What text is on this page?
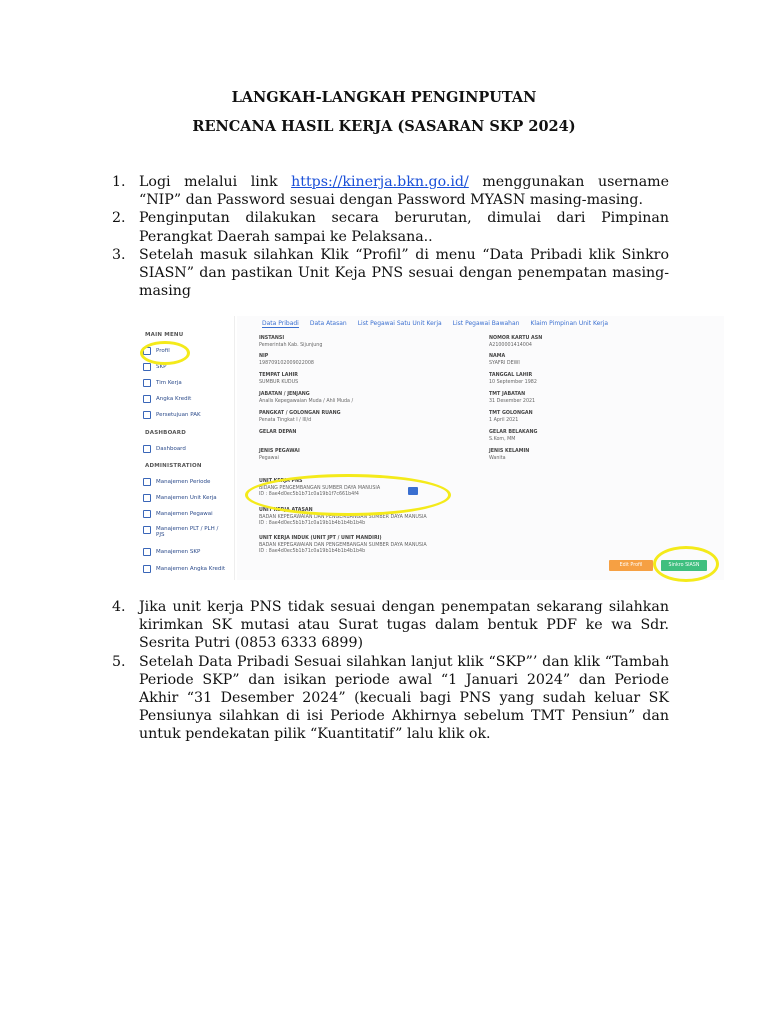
LANGKAH-LANGKAH PENGINPUTAN
RENCANA HASIL KERJA (SASARAN SKP 2024)
1. Logi melalui link https://kinerja.bkn.go.id/ menggunakan username “NIP” dan Password sesuai dengan Password MYASN masing-masing.
2. Penginputan dilakukan secara berurutan, dimulai dari Pimpinan Perangkat Daerah sampai ke Pelaksana..
3. Setelah masuk silahkan Klik “Profil” di menu “Data Pribadi klik Sinkro SIASN” dan pastikan Unit Keja PNS sesuai dengan penempatan masing-masing
MAIN MENU
Profil
SKP
Tim Kerja
Angka Kredit
Persetujuan PAK
DASHBOARD
Dashboard
ADMINISTRATION
Manajemen Periode
Manajemen Unit Kerja
Manajemen Pegawai
Manajemen PLT / PLH /
PJS
Manajemen SKP
Manajemen Angka Kredit
Data Pribadi Data Atasan List Pegawai Satu Unit Kerja List Pegawai Bawahan Klaim Pimpinan Unit Kerja
INSTANSI
Pemerintah Kab. Sijunjung
NOMOR KARTU ASN
A2100001414004
NIP
198709102009022008
NAMA
SYAFRI DEWI
TEMPAT LAHIR
SUMBUR KUDUS
TANGGAL LAHIR
10 September 1982
JABATAN / JENJANG
Analis Kepegawaian Muda / Ahli Muda /
TMT JABATAN
31 Desember 2021
PANGKAT / GOLONGAN RUANG
Penata Tingkat I / III/d
TMT GOLONGAN
1 April 2021
GELAR DEPAN	GELAR BELAKANG
S.Kom, MM
JENIS PEGAWAI
Pegawai
JENIS KELAMIN
Wanita
UNIT KERJA PNS
BIDANG PENGEMBANGAN SUMBER DAYA MANUSIA
ID : 8ae4d0ec5b1b71c0a19b1f7c661b4f4
UNIT KERJA ATASAN
BADAN KEPEGAWAIAN DAN PENGEMBANGAN SUMBER DAYA MANUSIA
ID : 8ae4d0ec5b1b71c0a19b1b4b1b4b1b4b
UNIT KERJA INDUK (UNIT JPT / UNIT MANDIRI)
BADAN KEPEGAWAIAN DAN PENGEMBANGAN SUMBER DAYA MANUSIA
ID : 8ae4d0ec5b1b71c0a19b1b4b1b4b1b4b
Edit Profil	Sinkro SIASN
4. Jika unit kerja PNS tidak sesuai dengan penempatan sekarang silahkan kirimkan SK mutasi atau Surat tugas dalam bentuk PDF ke wa Sdr. Sesrita Putri (0853 6333 6899)
5. Setelah Data Pribadi Sesuai silahkan lanjut klik “SKP”’ dan klik “Tambah Periode SKP” dan isikan periode awal “1 Januari 2024” dan Periode Akhir “31 Desember 2024” (kecuali bagi PNS yang sudah keluar SK Pensiunya silahkan di isi Periode Akhirnya sebelum TMT Pensiun” dan untuk pendekatan pilik “Kuantitatif” lalu klik ok.
